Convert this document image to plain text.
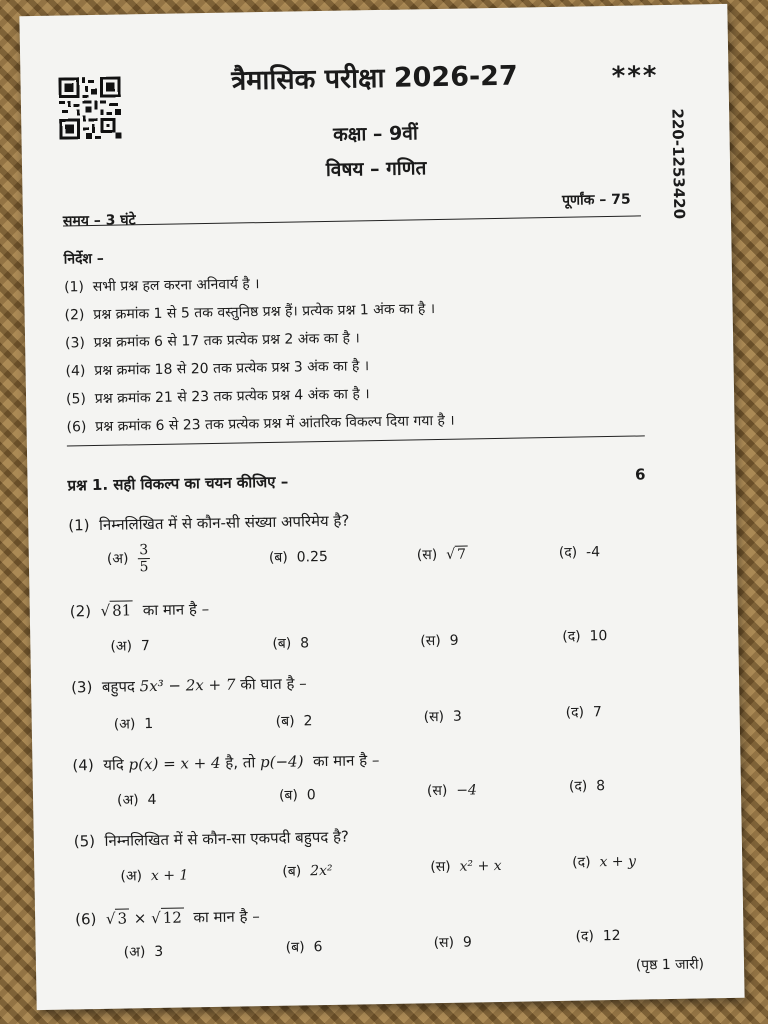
त्रैमासिक परीक्षा 2026-27	***
कक्षा – 9वीं
विषय – गणित	220-1253420
समय – 3 घंटे
पूर्णांक – 75
निर्देश –
(1) सभी प्रश्न हल करना अनिवार्य है ।
(2) प्रश्न क्रमांक 1 से 5 तक वस्तुनिष्ठ प्रश्न हैं। प्रत्येक प्रश्न 1 अंक का है ।
(3) प्रश्न क्रमांक 6 से 17 तक प्रत्येक प्रश्न 2 अंक का है ।
(4) प्रश्न क्रमांक 18 से 20 तक प्रत्येक प्रश्न 3 अंक का है ।
(5) प्रश्न क्रमांक 21 से 23 तक प्रत्येक प्रश्न 4 अंक का है ।
(6) प्रश्न क्रमांक 6 से 23 तक प्रत्येक प्रश्न में आंतरिक विकल्प दिया गया है ।
प्रश्न 1. सही विकल्प का चयन कीजिए –	6
(1) निम्नलिखित में से कौन-सी संख्या अपरिमेय है?
(अ) $\frac{3}{5}$	(ब) 0.25	(स) √ 7	(द) -4
(2) √ 81 का मान है –
(अ) 7	(ब) 8	(स) 9	(द) 10
(3) बहुपद 5x³ − 2x + 7 की घात है –
(अ) 1	(ब) 2	(स) 3	(द) 7
(4) यदि p(x) = x + 4 है, तो p(−4) का मान है –
(अ) 4	(ब) 0	(स) −4	(द) 8
(5) निम्नलिखित में से कौन-सा एकपदी बहुपद है?
(अ) x + 1	(ब) 2x²	(स) x² + x	(द) x + y
(6) √ 3 × √ 12 का मान है –
(अ) 3	(ब) 6	(स) 9	(द) 12
(पृष्ठ 1 जारी)
